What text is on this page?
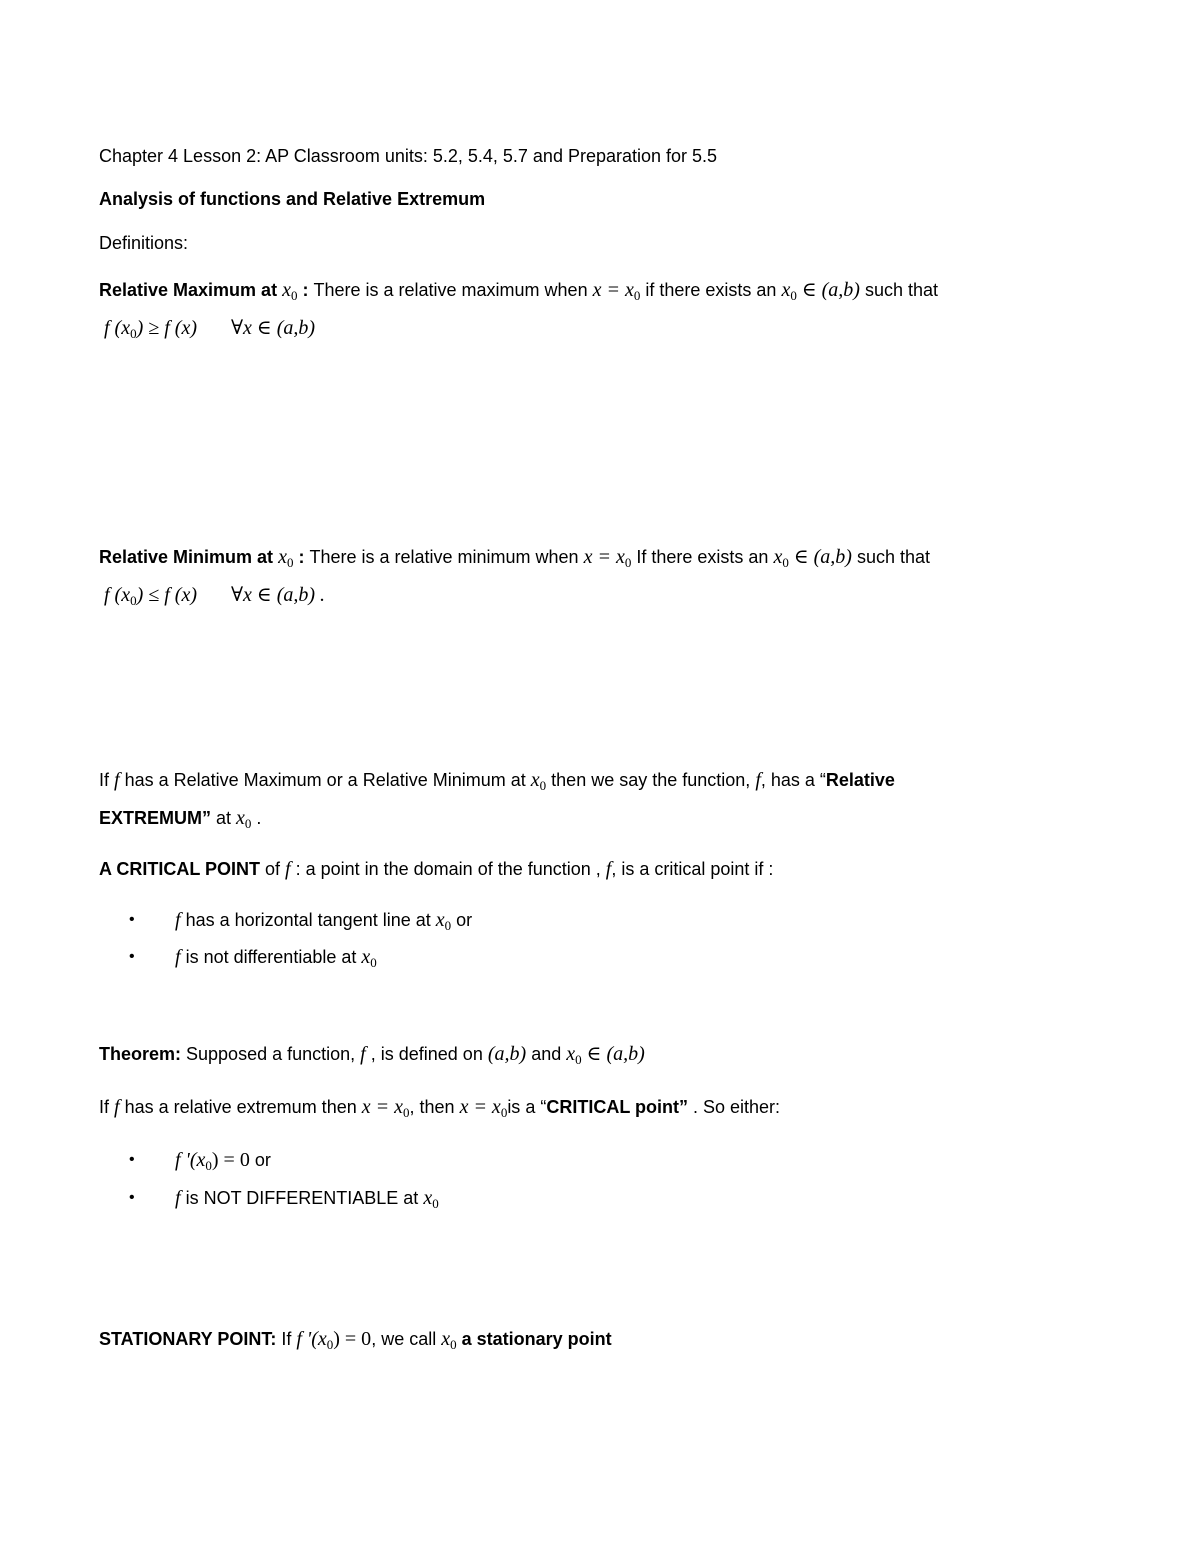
Chapter 4 Lesson 2: AP Classroom units: 5.2, 5.4, 5.7 and Preparation for 5.5
Analysis of functions and Relative Extremum
Definitions:
Relative Maximum at $x_0$ : There is a relative maximum when $x = x_0$ if there exists an $x_0$ ∈ (a,b) such that
f $(x_0) \ge f$ (x) ∀x ∈ (a,b)
Relative Minimum at $x_0$ : There is a relative minimum when $x = x_0$ If there exists an $x_0$ ∈ (a,b) such that
f $(x_0) \le f$ (x) ∀x ∈ (a,b) .
If f has a Relative Maximum or a Relative Minimum at $x_0$ then we say the function, f, has a “Relative
EXTREMUM” at $x_0$ .
A CRITICAL POINT of f : a point in the domain of the function , f, is a critical point if :
• f has a horizontal tangent line at $x_0$ or
• f is not differentiable at $x_0$
Theorem: Supposed a function, f , is defined on (a,b) and $x_0$ ∈ (a,b)
If f has a relative extremum then $x = x_0$, then $x = x_0is$ a “CRITICAL point” . So either:
• f '$(x_0) = 0$ or
• f is NOT DIFFERENTIABLE at $x_0$
STATIONARY POINT: If f '$(x_0) = 0$, we call $x_0$ a stationary point
